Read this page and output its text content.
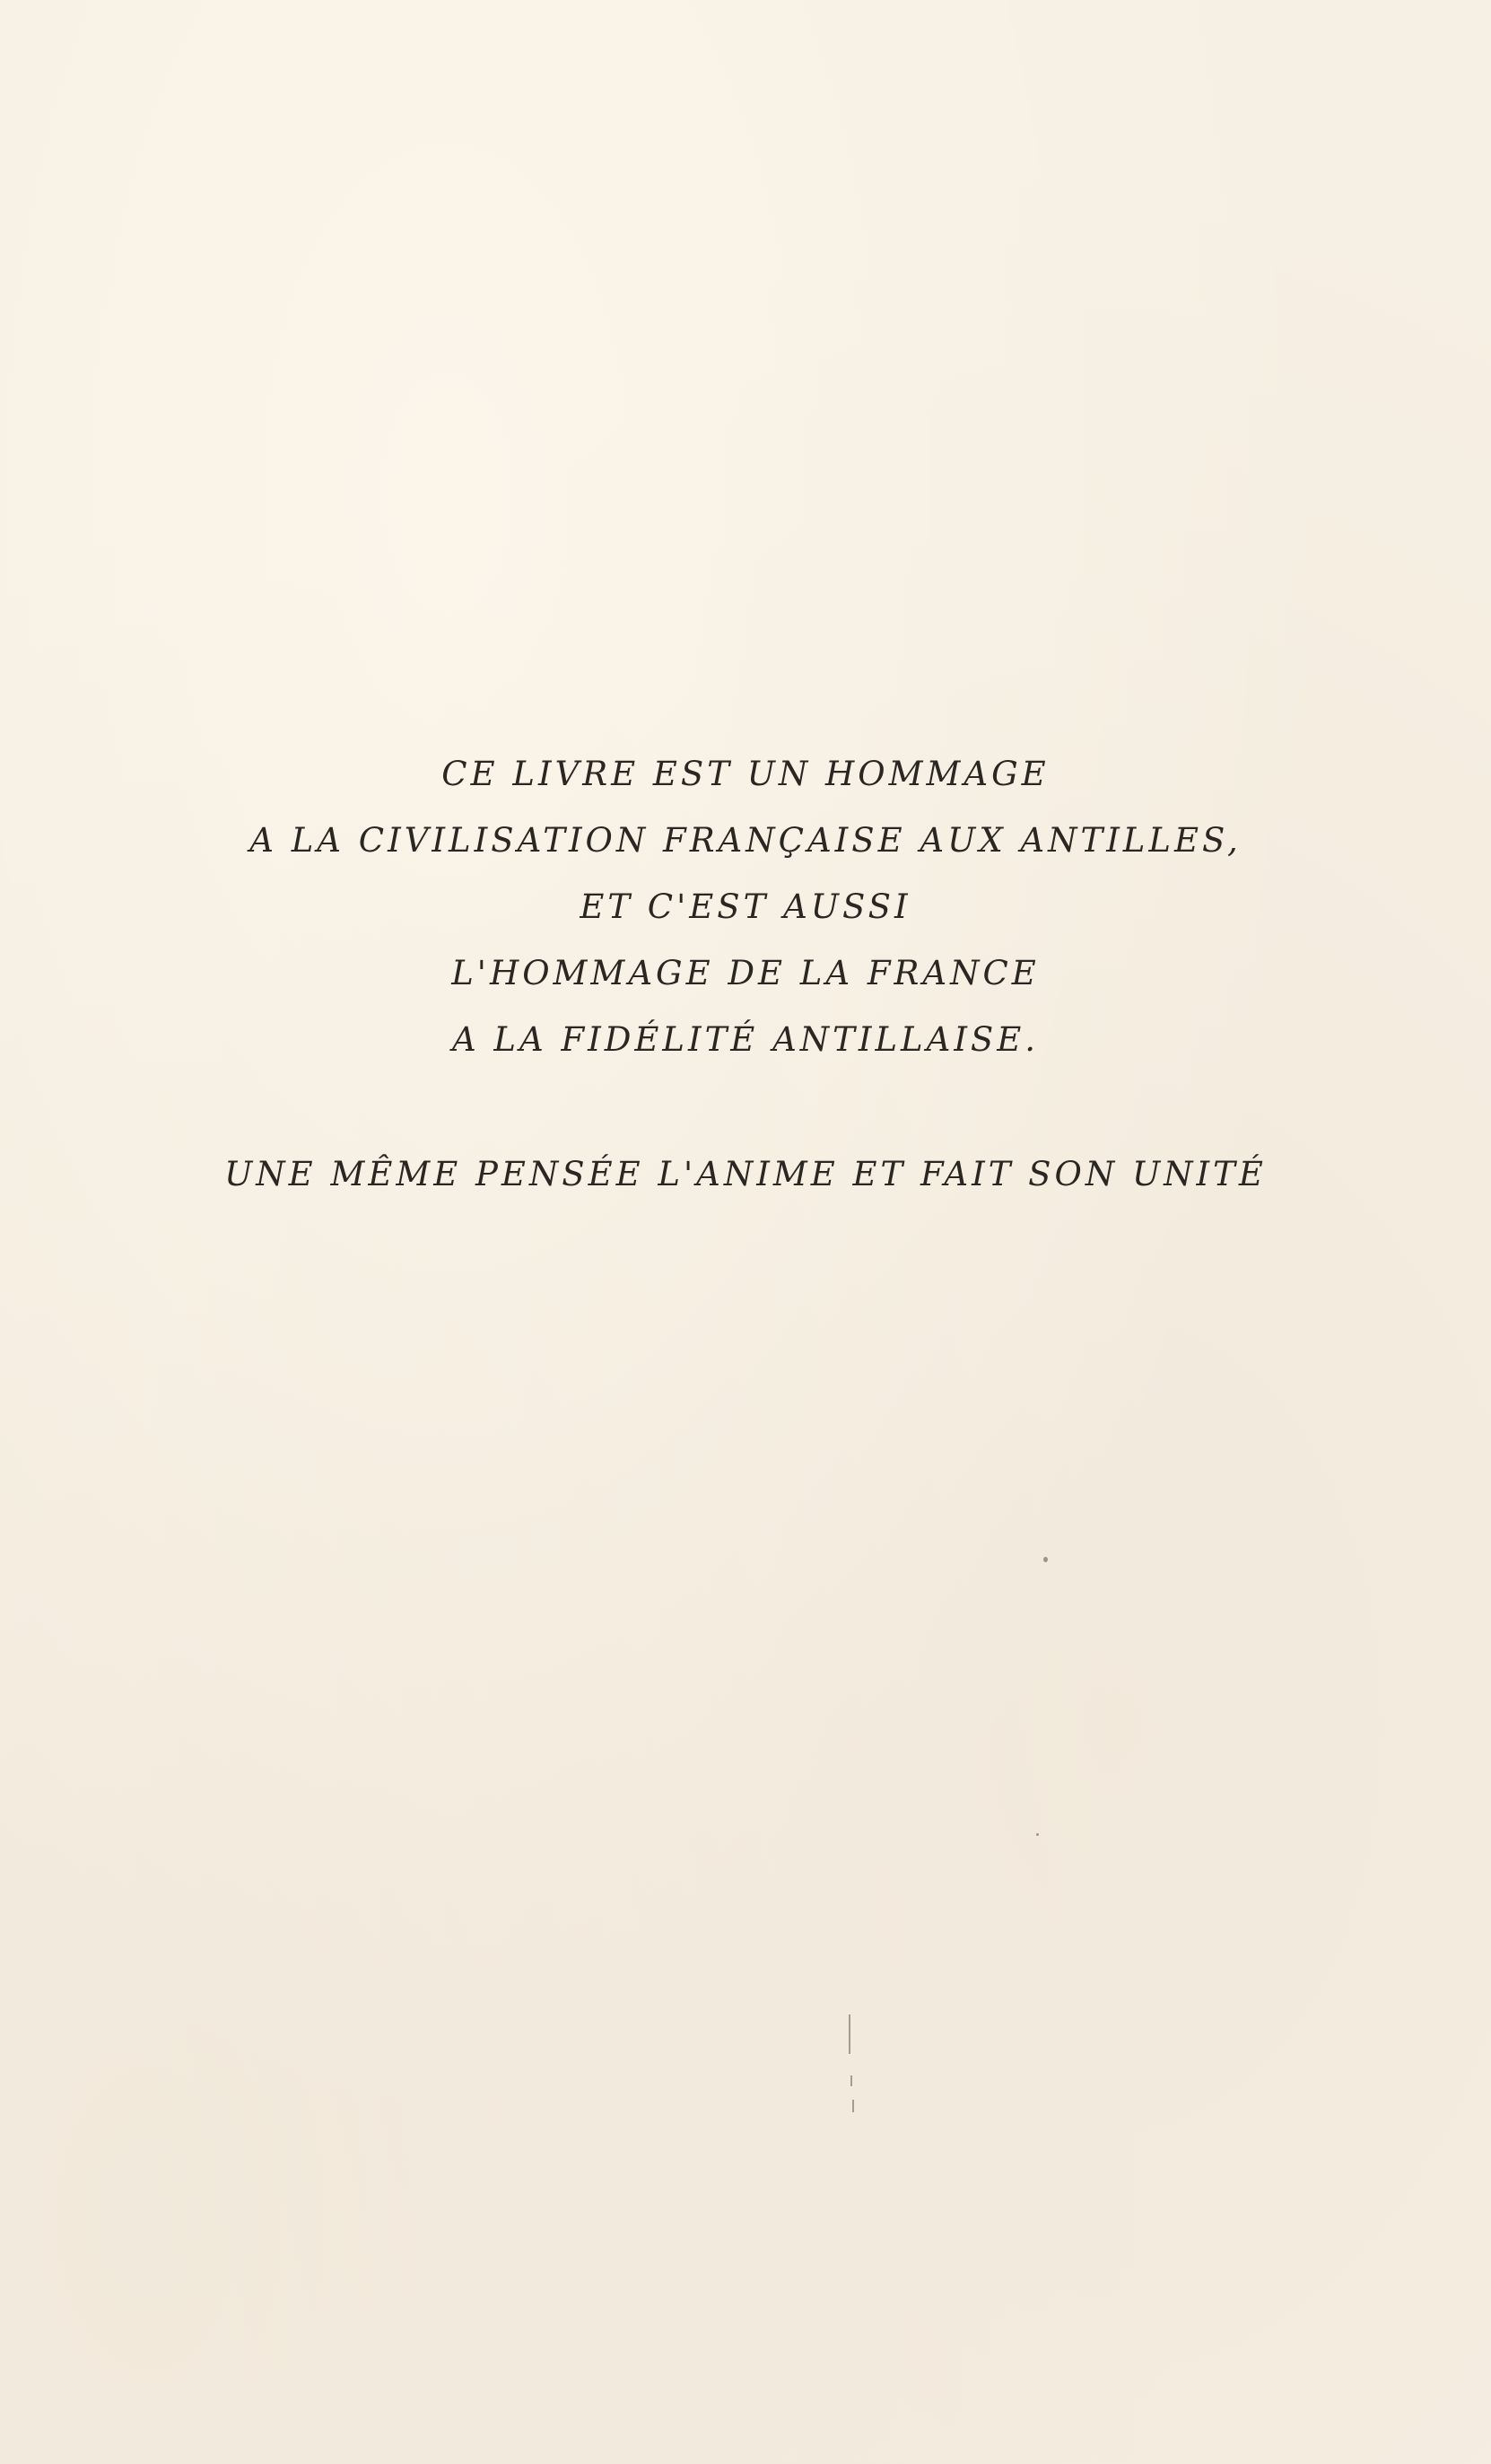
CE LIVRE EST UN HOMMAGE
A LA CIVILISATION FRANÇAISE AUX ANTILLES,
ET C'EST AUSSI
L'HOMMAGE DE LA FRANCE
A LA FIDÉLITÉ ANTILLAISE.
UNE MÊME PENSÉE L'ANIME ET FAIT SON UNITÉ
